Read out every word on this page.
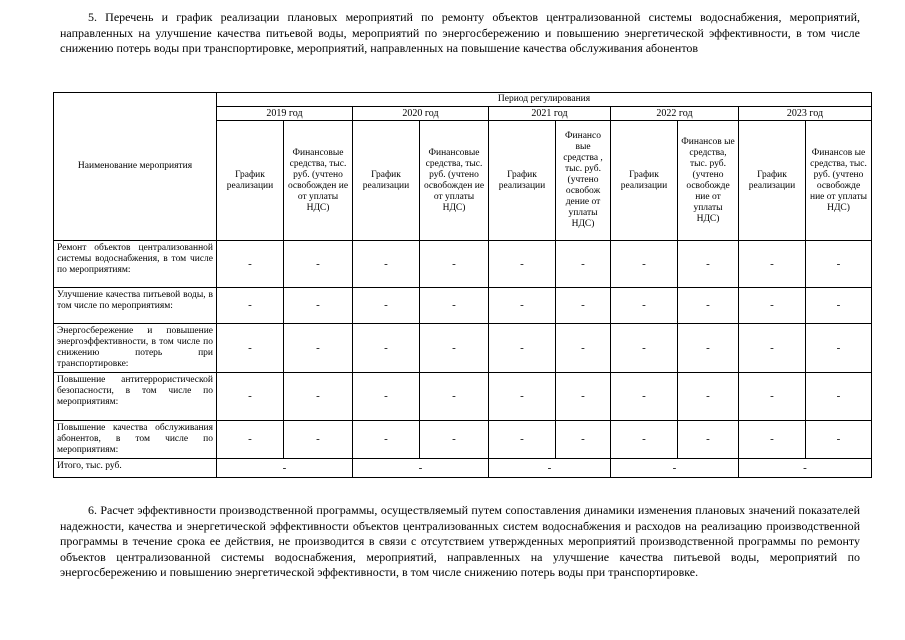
5. Перечень и график реализации плановых мероприятий по ремонту объектов централизованной системы водоснабжения, мероприятий, направленных на улучшение качества питьевой воды, мероприятий по энергосбережению и повышению энергетической эффективности, в том числе снижению потерь воды при транспортировке, мероприятий, направленных на повышение качества обслуживания абонентов
Наименование мероприятия	Период регулирования									
	2019 год		2020 год		2021 год		2022 год		2023 год	
	График реализации	Финансовые средства, тыс. руб. (учтено освобожден ие от уплаты НДС)	График реализации	Финансовые средства, тыс. руб. (учтено освобожден ие от уплаты НДС)	График реализации	Финансо вые средства , тыс. руб. (учтено освобож дение от уплаты НДС)	График реализации	Финансов ые средства, тыс. руб. (учтено освобожде ние от уплаты НДС)	График реализации	Финансов ые средства, тыс. руб. (учтено освобожде ние от уплаты НДС)
Ремонт объектов централизованной системы водоснабжения, в том числе по мероприятиям:	-	-	-	-	-	-	-	-	-	-
Улучшение качества питьевой воды, в том числе по мероприятиям:	-	-	-	-	-	-	-	-	-	-
Энергосбережение и повышение энергоэффективности, в том числе по снижению потерь при транспортировке:	-	-	-	-	-	-	-	-	-	-
Повышение антитеррористической безопасности, в том числе по мероприятиям:	-	-	-	-	-	-	-	-	-	-
Повышение качества обслуживания абонентов, в том числе по мероприятиям:	-	-	-	-	-	-	-	-	-	-
Итого, тыс. руб.	-		-		-		-		-	
6. Расчет эффективности производственной программы, осуществляемый путем сопоставления динамики изменения плановых значений показателей надежности, качества и энергетической эффективности объектов централизованных систем водоснабжения и расходов на реализацию производственной программы в течение срока ее действия, не производится в связи с отсутствием утвержденных мероприятий производственной программы по ремонту объектов централизованной системы водоснабжения, мероприятий, направленных на улучшение качества питьевой воды, мероприятий по энергосбережению и повышению энергетической эффективности, в том числе снижению потерь воды при транспортировке.
